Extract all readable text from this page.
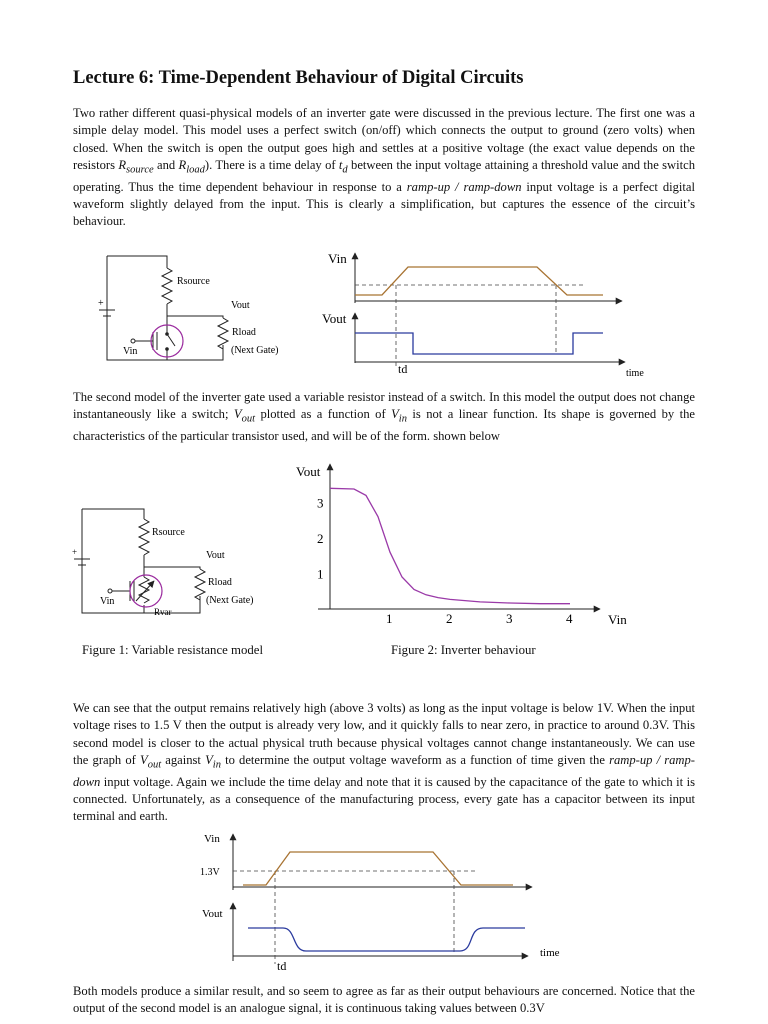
Lecture 6: Time-Dependent Behaviour of Digital Circuits

Two rather different quasi-physical models of an inverter gate were discussed in the previous lecture. The first one was a simple delay model. This model uses a perfect switch (on/off) which connects the output to ground (zero volts) when closed. When the switch is open the output goes high and settles at a positive voltage (the exact value depends on the resistors $R_{source}$ and $R_{load}$). There is a time delay of $t_d$ between the input voltage attaining a threshold value and the switch operating. Thus the time dependent behaviour in response to a ramp-up / ramp-down input voltage is a perfect digital waveform slightly delayed from the input. This is clearly a simplification, but captures the essence of the circuit’s behaviour.

+
Rsource
Vout
Rload
(Next Gate)
Vin
Vin
Vout
td	time

The second model of the inverter gate used a variable resistor instead of a switch. In this model the output does not change instantaneously like a switch; $V_{out}$ plotted as a function of $V_{in}$ is not a linear function. Its shape is governed by the characteristics of the particular transistor used, and will be of the form. shown below

+
Rsource
Vout
Rload
(Next Gate)
Vin
Rvar
Vout
Vin
1	2	3	4
1
2
3

Figure 1: Variable resistance model	Figure 2: Inverter behaviour

We can see that the output remains relatively high (above 3 volts) as long as the input voltage is below 1V. When the input voltage rises to 1.5 V then the output is already very low, and it quickly falls to near zero, in practice to around 0.3V. This second model is closer to the actual physical truth because physical voltages cannot change instantaneously. We can use the graph of $V_{out}$ against $V_{in}$ to determine the output voltage waveform as a function of time given the ramp-up / ramp-down input voltage. Again we include the time delay and note that it is caused by the capacitance of the gate to which it is connected. Unfortunately, as a consequence of the manufacturing process, every gate has a capacitor between its input terminal and earth.

Vin
1.3V
Vout
td
time

Both models produce a similar result, and so seem to agree as far as their output behaviours are concerned. Notice that the output of the second model is an analogue signal, it is continuous taking values between 0.3V
